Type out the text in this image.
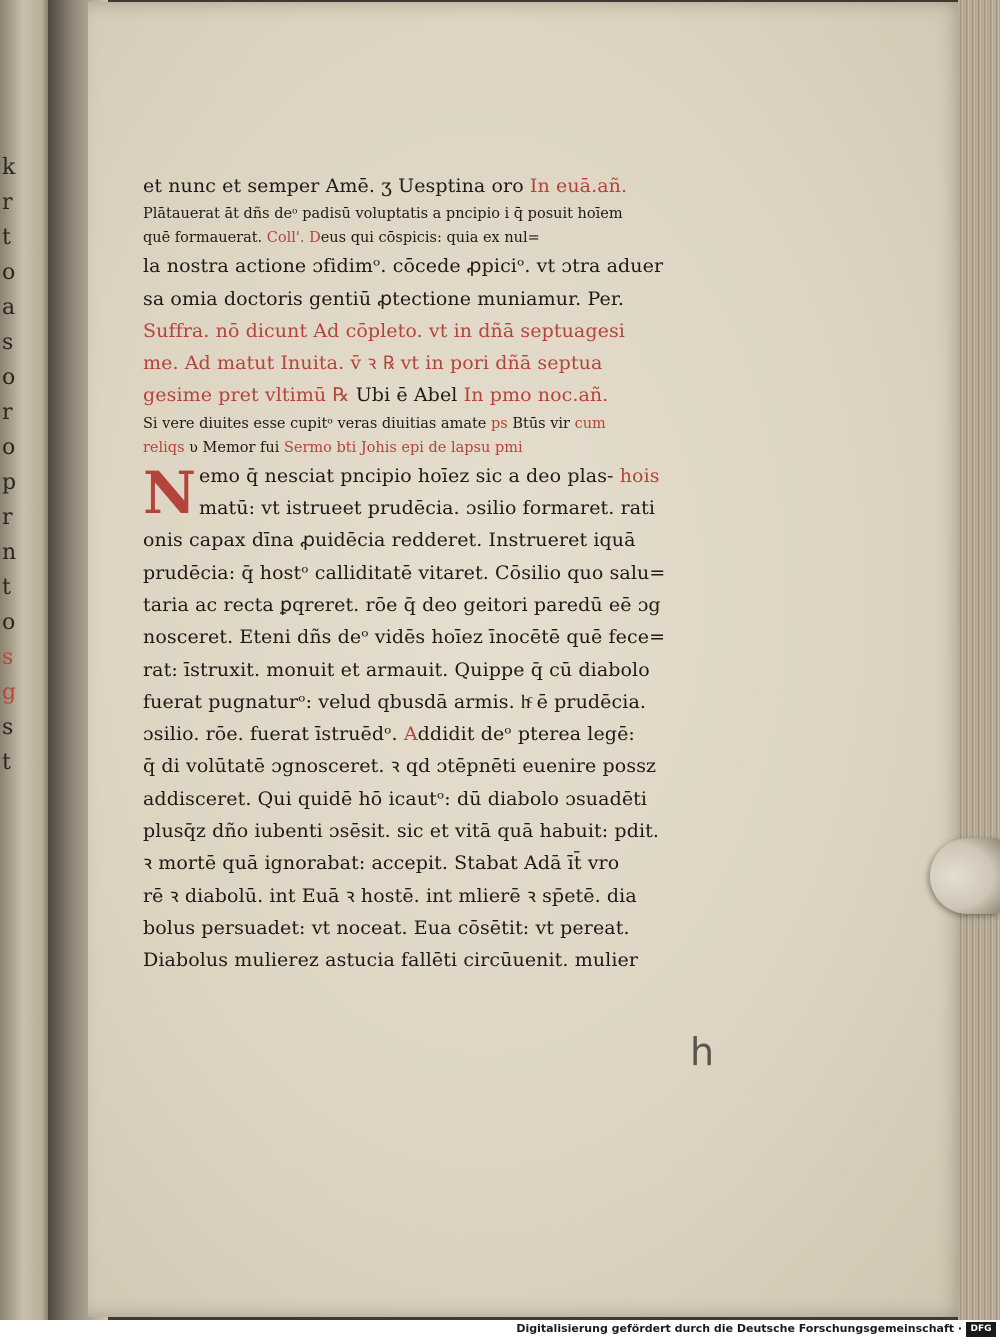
k
r
t
o
a
s
o
r
o
p
r
n
t
o
s
g
s
t
et nunc et semper Amē. ʒ Uesptina oro In euā.añ.
Plātauerat āt dñs deᵒ padisū voluptatis a pncipio i q̄ posuit hoīem
quē formauerat. Coll'. Deus qui cōspicis: quia ex nul=
la nostra actione ɔfidimᵒ. cōcede ꝓpiciᵒ. vt ɔtra aduer
sa omia doctoris gentiū ꝓtectione muniamur. Per.
Suffra. nō dicunt Ad cōpleto. vt in dñā septuagesi
me. Ad matut Inuita. v̄ ꝛ ℞ vt in pori dñā septua
gesime pret vltimū ℞ Ubi ē Abel In pmo noc.añ.
Si vere diuites esse cupitᵒ veras diuitias amate ps Btūs vir cum
reliqs ʋ Memor fui Sermo bti Johis epi de lapsu pmi
N emo q̄ nesciat pncipio hoīez sic a deo plas- hois
matū: vt istrueet prudēcia. ɔsilio formaret. rati
onis capax dīna ꝓuidēcia redderet. Instrueret iquā
prudēcia: q̄ hostᵒ calliditatē vitaret. Cōsilio quo salu=
taria ac recta ꝑqreret. rōe q̄ deo geitori paredū eē ɔg
nosceret. Eteni dñs deᵒ vidēs hoīez īnocētē quē fece=
rat: īstruxit. monuit et armauit. Quippe q̄ cū diabolo
fuerat pugnaturᵒ: velud qbusdā armis. hͨ ē prudēcia.
ɔsilio. rōe. fuerat īstruēdᵒ. Addidit deᵒ pterea legē:
q̄ di volūtatē ɔgnosceret. ꝛ qd ɔtēpnēti euenire possz
addisceret. Qui quidē hō icautᵒ: dū diabolo ɔsuadēti
plusq̄z dño iubenti ɔsēsit. sic et vitā quā habuit: pdit.
ꝛ mortē quā ignorabat: accepit. Stabat Adā īt̄ vro
rē ꝛ diabolū. int Euā ꝛ hostē. int mlierē ꝛ sp̄etē. dia
bolus persuadet: vt noceat. Eua cōsētit: vt pereat.
Diabolus mulierez astucia fallēti circūuenit. mulier
h
Digitalisierung gefördert durch die Deutsche Forschungsgemeinschaft · DFG
